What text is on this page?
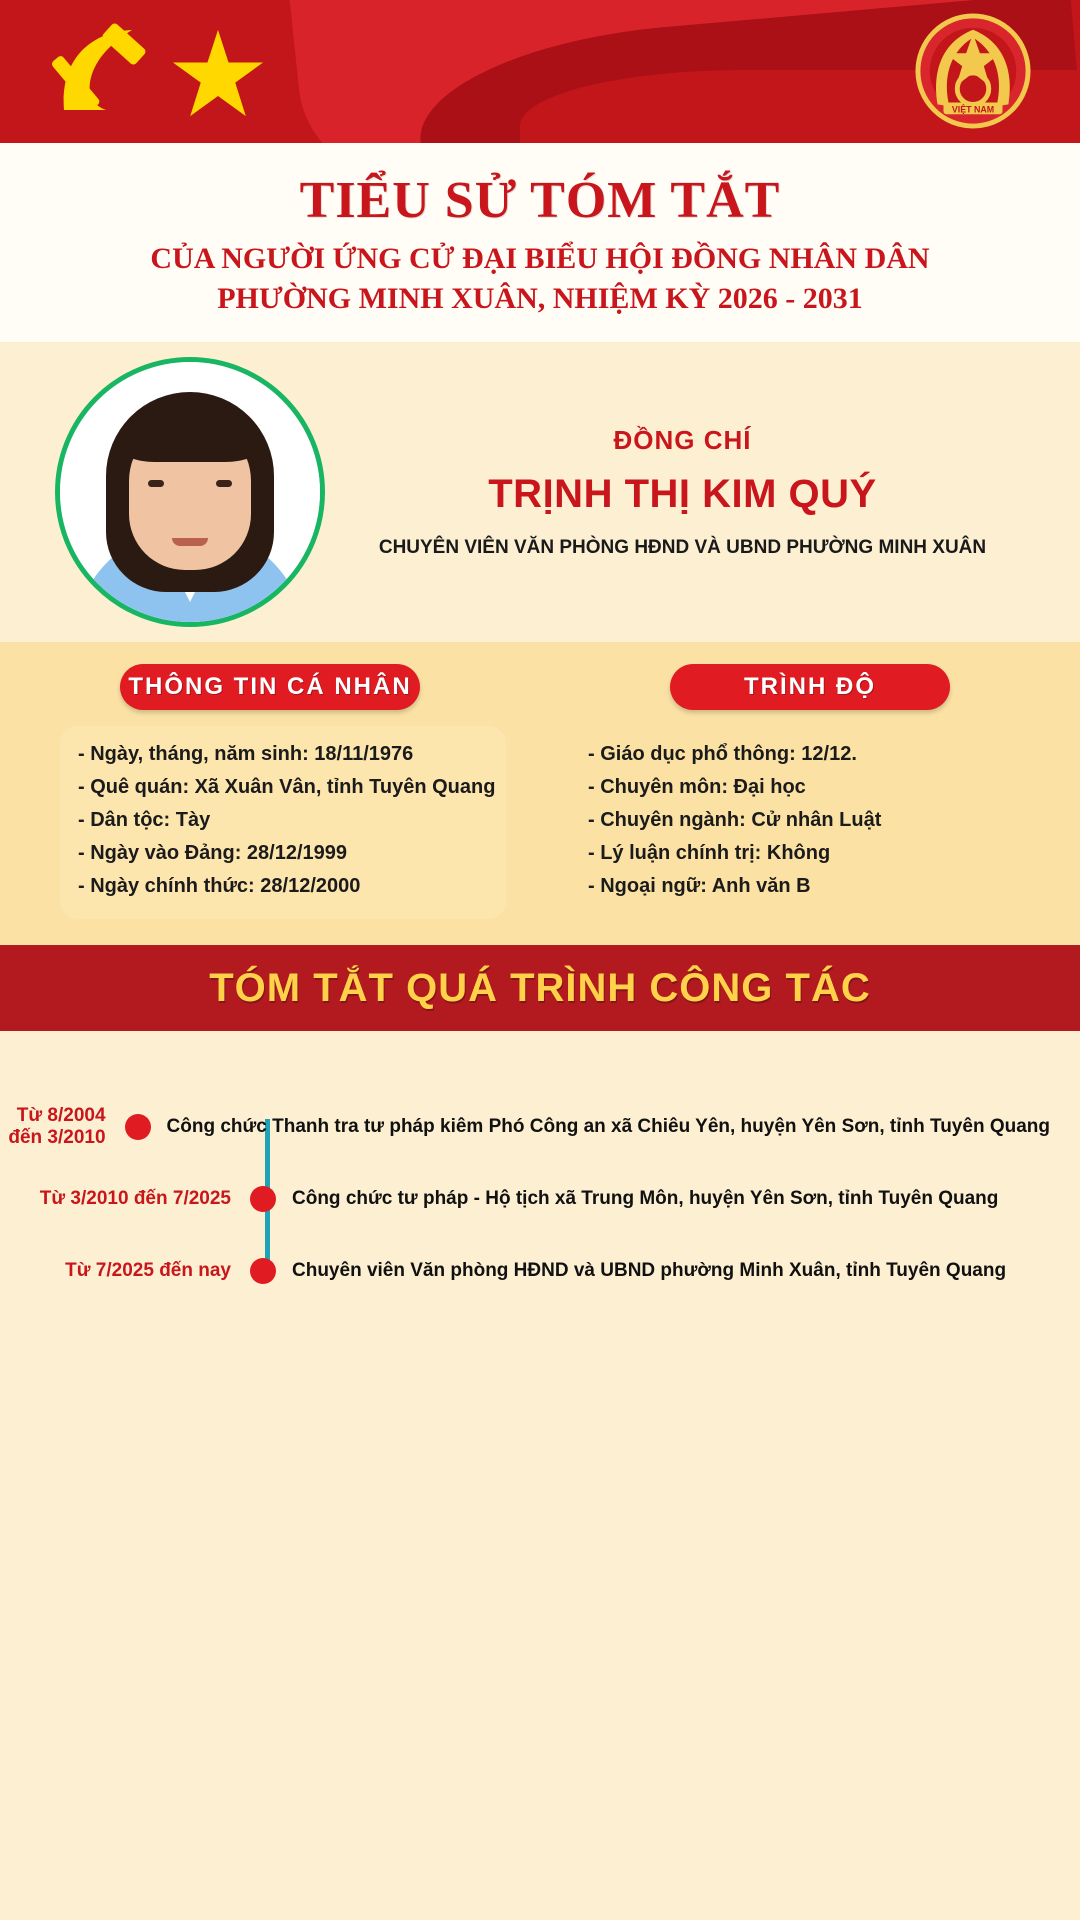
VIỆT NAM
TIỂU SỬ TÓM TẮT
CỦA NGƯỜI ỨNG CỬ ĐẠI BIỂU HỘI ĐỒNG NHÂN DÂN
PHƯỜNG MINH XUÂN, NHIỆM KỲ 2026 - 2031
ĐỒNG CHÍ
TRỊNH THỊ KIM QUÝ
CHUYÊN VIÊN VĂN PHÒNG HĐND VÀ UBND PHƯỜNG MINH XUÂN
THÔNG TIN CÁ NHÂN
- Ngày, tháng, năm sinh: 18/11/1976
- Quê quán: Xã Xuân Vân, tỉnh Tuyên Quang
- Dân tộc: Tày
- Ngày vào Đảng: 28/12/1999
- Ngày chính thức: 28/12/2000
TRÌNH ĐỘ
- Giáo dục phổ thông: 12/12.
- Chuyên môn: Đại học
- Chuyên ngành: Cử nhân Luật
- Lý luận chính trị: Không
- Ngoại ngữ: Anh văn B
TÓM TẮT QUÁ TRÌNH CÔNG TÁC
Từ 8/2004 đến 3/2010
Công chức Thanh tra tư pháp kiêm Phó Công an xã Chiêu Yên, huyện Yên Sơn, tỉnh Tuyên Quang
Từ 3/2010 đến 7/2025	Công chức tư pháp - Hộ tịch xã Trung Môn, huyện Yên Sơn, tỉnh Tuyên Quang
Từ 7/2025 đến nay	Chuyên viên Văn phòng HĐND và UBND phường Minh Xuân, tỉnh Tuyên Quang
